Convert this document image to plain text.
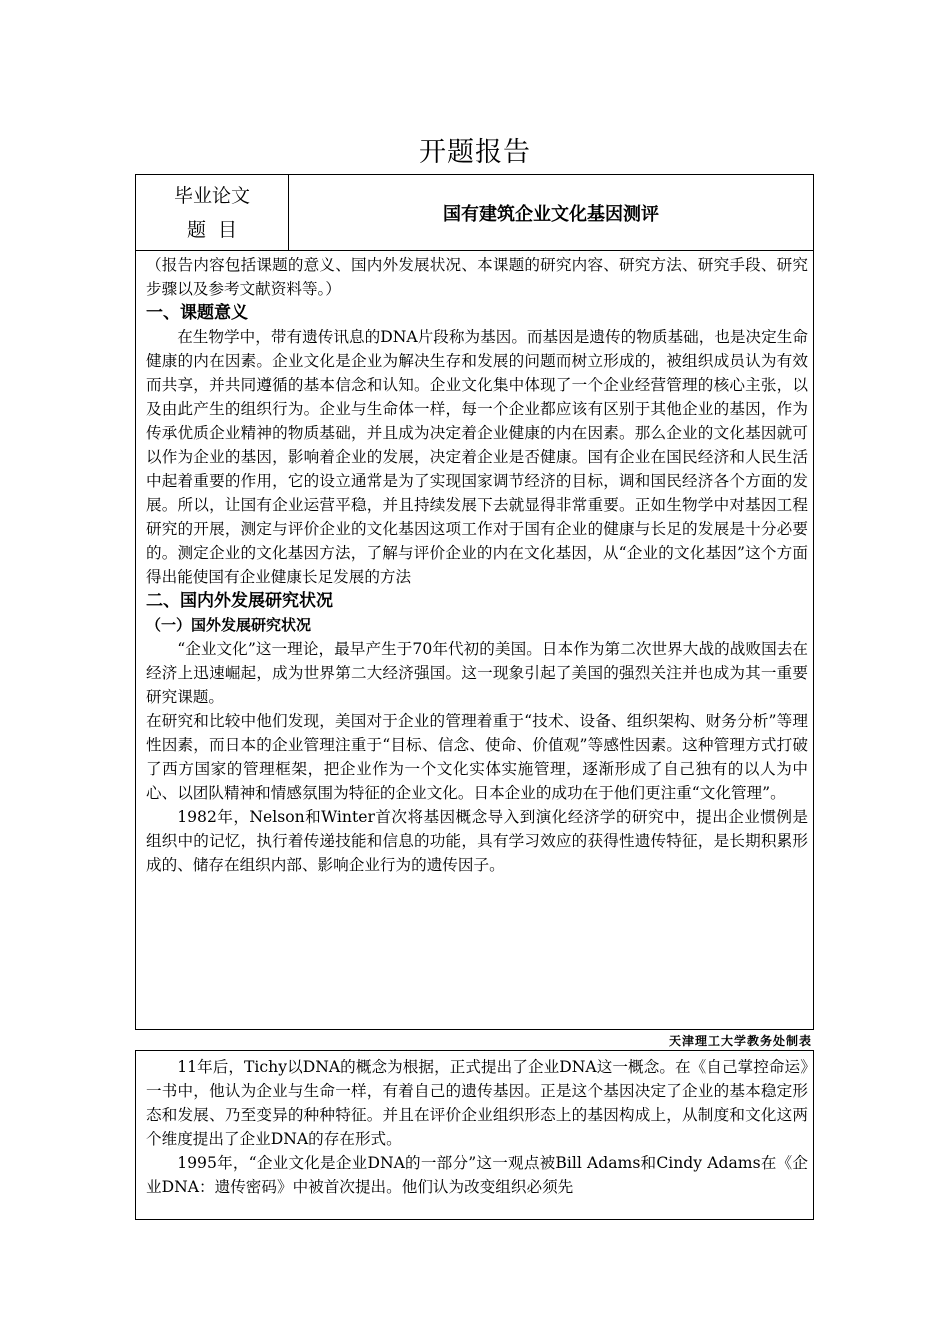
开题报告
毕业论文
题  目
国有建筑企业文化基因测评

（报告内容包括课题的意义、国内外发展状况、本课题的研究内容、研究方法、研究手段、研究步骤以及参考文献资料等。）

一、课题意义

在生物学中，带有遗传讯息的DNA片段称为基因。而基因是遗传的物质基础，也是决定生命健康的内在因素。企业文化是企业为解决生存和发展的问题而树立形成的，被组织成员认为有效而共享，并共同遵循的基本信念和认知。企业文化集中体现了一个企业经营管理的核心主张，以及由此产生的组织行为。企业与生命体一样，每一个企业都应该有区别于其他企业的基因，作为传承优质企业精神的物质基础，并且成为决定着企业健康的内在因素。那么企业的文化基因就可以作为企业的基因，影响着企业的发展，决定着企业是否健康。国有企业在国民经济和人民生活中起着重要的作用，它的设立通常是为了实现国家调节经济的目标，调和国民经济各个方面的发展。所以，让国有企业运营平稳，并且持续发展下去就显得非常重要。正如生物学中对基因工程研究的开展，测定与评价企业的文化基因这项工作对于国有企业的健康与长足的发展是十分必要的。测定企业的文化基因方法，了解与评价企业的内在文化基因，从“企业的文化基因”这个方面得出能使国有企业健康长足发展的方法

二、国内外发展研究状况

（一）国外发展研究状况

“企业文化”这一理论，最早产生于70年代初的美国。日本作为第二次世界大战的战败国去在经济上迅速崛起，成为世界第二大经济强国。这一现象引起了美国的强烈关注并也成为其一重要研究课题。

在研究和比较中他们发现，美国对于企业的管理着重于“技术、设备、组织架构、财务分析”等理性因素，而日本的企业管理注重于“目标、信念、使命、价值观”等感性因素。这种管理方式打破了西方国家的管理框架，把企业作为一个文化实体实施管理，逐渐形成了自己独有的以人为中心、以团队精神和情感氛围为特征的企业文化。日本企业的成功在于他们更注重“文化管理”。

1982年，Nelson和Winter首次将基因概念导入到演化经济学的研究中，提出企业惯例是组织中的记忆，执行着传递技能和信息的功能，具有学习效应的获得性遗传特征，是长期积累形成的、储存在组织内部、影响企业行为的遗传因子。

天津理工大学教务处制表

11年后，Tichy以DNA的概念为根据，正式提出了企业DNA这一概念。在《自己掌控命运》一书中，他认为企业与生命一样，有着自己的遗传基因。正是这个基因决定了企业的基本稳定形态和发展、乃至变异的种种特征。并且在评价企业组织形态上的基因构成上，从制度和文化这两个维度提出了企业DNA的存在形式。

1995年，“企业文化是企业DNA的一部分”这一观点被Bill Adams和Cindy Adams在《企业DNA：遗传密码》中被首次提出。他们认为改变组织必须先
